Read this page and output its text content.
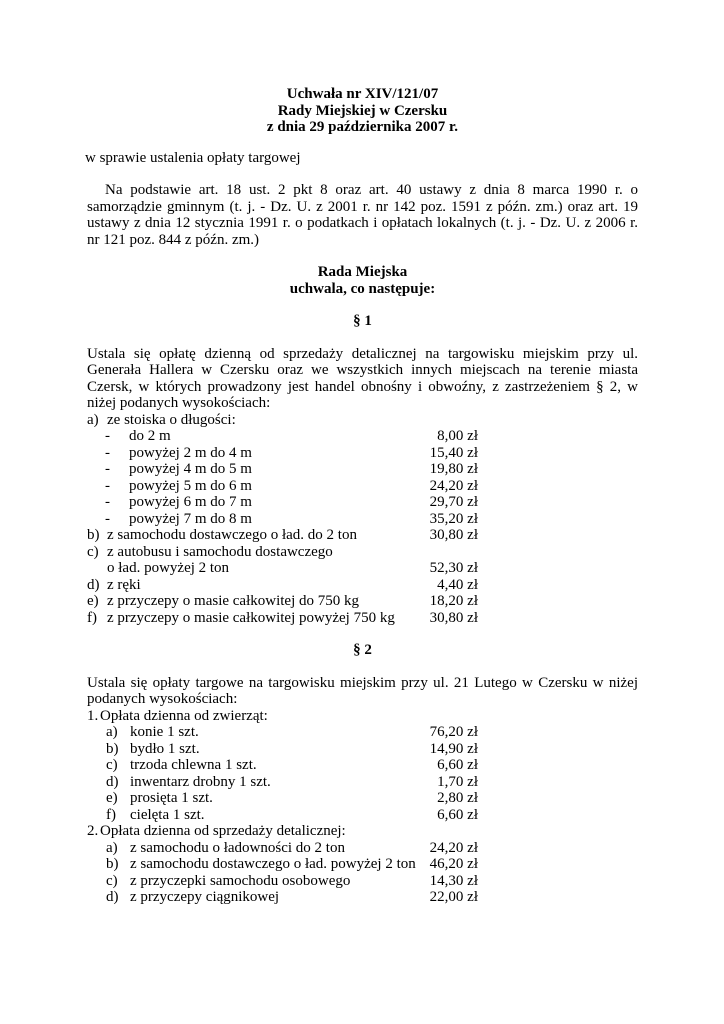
Uchwała nr XIV/121/07
Rady Miejskiej w Czersku
z dnia 29 października 2007 r.
w sprawie ustalenia opłaty targowej
Na podstawie art. 18 ust. 2 pkt 8 oraz art. 40 ustawy z dnia 8 marca 1990 r. o samorządzie gminnym (t. j. - Dz. U. z 2001 r. nr 142 poz. 1591 z późn. zm.) oraz art. 19 ustawy z dnia 12 stycznia 1991 r. o podatkach i opłatach lokalnych (t. j. - Dz. U. z 2006 r. nr 121 poz. 844 z późn. zm.)
Rada Miejska
uchwala, co następuje:
§ 1
Ustala się opłatę dzienną od sprzedaży detalicznej na targowisku miejskim przy ul. Generała Hallera w Czersku oraz we wszystkich innych miejscach na terenie miasta Czersk, w których prowadzony jest handel obnośny i obwoźny, z zastrzeżeniem § 2, w niżej podanych wysokościach:
a) ze stoiska o długości:
- do 2 m	8,00 zł
- powyżej 2 m do 4 m	15,40 zł
- powyżej 4 m do 5 m	19,80 zł
- powyżej 5 m do 6 m	24,20 zł
- powyżej 6 m do 7 m	29,70 zł
- powyżej 7 m do 8 m	35,20 zł
b) z samochodu dostawczego o ład. do 2 ton	30,80 zł
c) z autobusu i samochodu dostawczego
o ład. powyżej 2 ton	52,30 zł
d) z ręki	4,40 zł
e) z przyczepy o masie całkowitej do 750 kg	18,20 zł
f) z przyczepy o masie całkowitej powyżej 750 kg 30,80 zł
§ 2
Ustala się opłaty targowe na targowisku miejskim przy ul. 21 Lutego w Czersku w niżej podanych wysokościach:
1. Opłata dzienna od zwierząt:
a) konie 1 szt.	76,20 zł
b) bydło 1 szt.	14,90 zł
c) trzoda chlewna 1 szt.	6,60 zł
d) inwentarz drobny 1 szt.	1,70 zł
e) prosięta 1 szt.	2,80 zł
f) cielęta 1 szt.	6,60 zł
2. Opłata dzienna od sprzedaży detalicznej:
a) z samochodu o ładowności do 2 ton	24,20 zł
b) z samochodu dostawczego o ład. powyżej 2 ton 46,20 zł
c) z przyczepki samochodu osobowego	14,30 zł
d) z przyczepy ciągnikowej	22,00 zł
